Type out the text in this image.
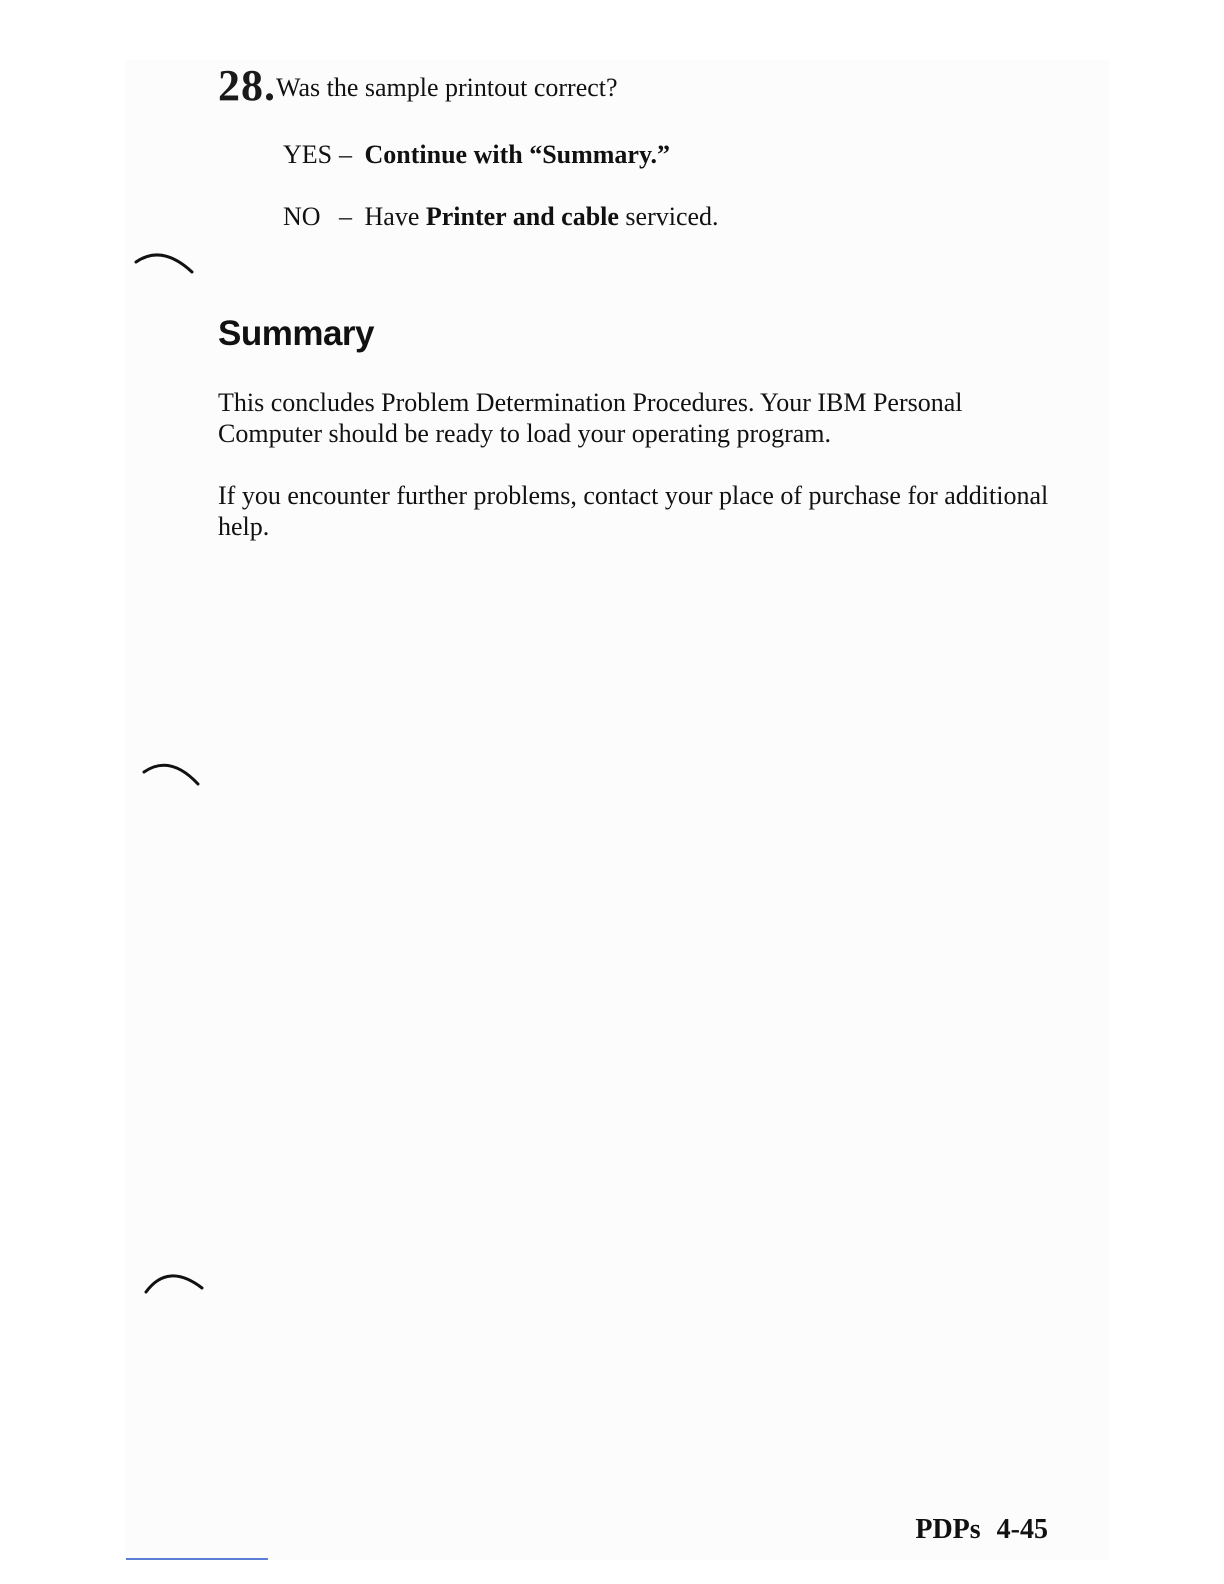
28.Was the sample printout correct?
YES – Continue with “Summary.”
NO – Have Printer and cable serviced.
Summary

This concludes Problem Determination Procedures. Your IBM Personal Computer should be ready to load your operating program.

If you encounter further problems, contact your place of purchase for additional help.

PDPs 4-45
